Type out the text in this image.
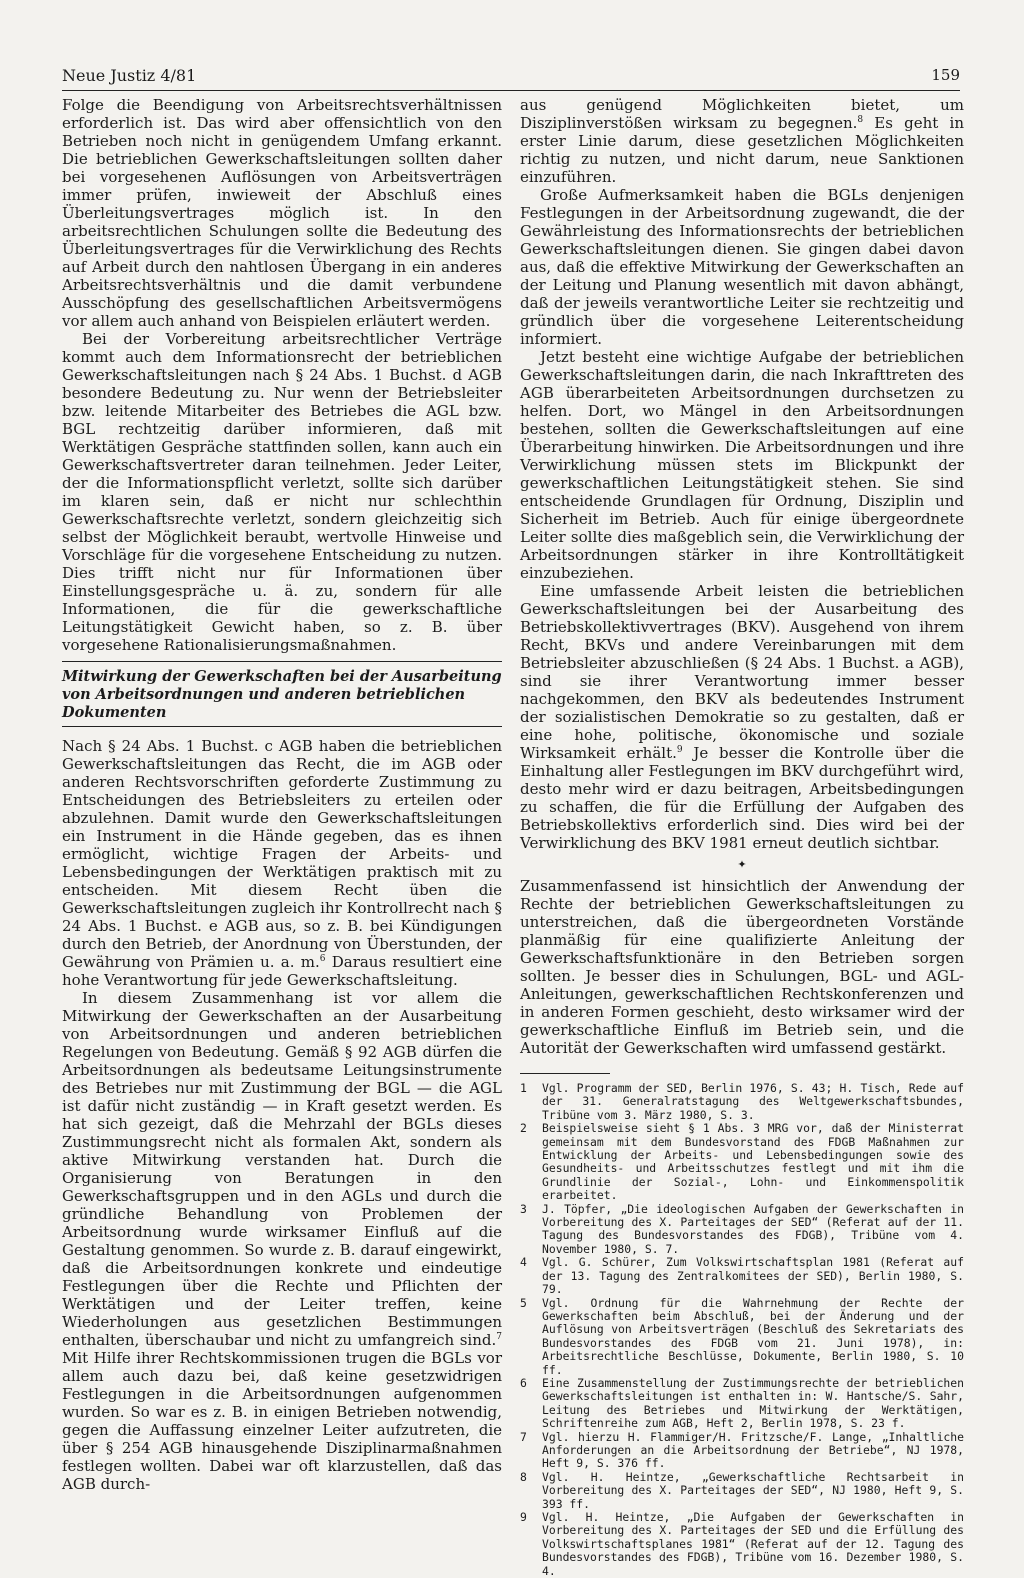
Neue Justiz 4/81	159

Folge die Beendigung von Arbeitsrechtsverhältnissen erforderlich ist. Das wird aber offensichtlich von den Betrieben noch nicht in genügendem Umfang erkannt. Die betrieblichen Gewerkschaftsleitungen sollten daher bei vorgesehenen Auflösungen von Arbeitsverträgen immer prüfen, inwieweit der Abschluß eines Überleitungsvertrages möglich ist. In den arbeitsrechtlichen Schulungen sollte die Bedeutung des Überleitungsvertrages für die Verwirklichung des Rechts auf Arbeit durch den nahtlosen Übergang in ein anderes Arbeitsrechtsverhältnis und die damit verbundene Ausschöpfung des gesellschaftlichen Arbeitsvermögens vor allem auch anhand von Beispielen erläutert werden.

Bei der Vorbereitung arbeitsrechtlicher Verträge kommt auch dem Informationsrecht der betrieblichen Gewerkschaftsleitungen nach § 24 Abs. 1 Buchst. d AGB besondere Bedeutung zu. Nur wenn der Betriebsleiter bzw. leitende Mitarbeiter des Betriebes die AGL bzw. BGL rechtzeitig darüber informieren, daß mit Werktätigen Gespräche stattfinden sollen, kann auch ein Gewerkschaftsvertreter daran teilnehmen. Jeder Leiter, der die Informationspflicht verletzt, sollte sich darüber im klaren sein, daß er nicht nur schlechthin Gewerkschaftsrechte verletzt, sondern gleichzeitig sich selbst der Möglichkeit beraubt, wertvolle Hinweise und Vorschläge für die vorgesehene Entscheidung zu nutzen. Dies trifft nicht nur für Informationen über Einstellungsgespräche u. ä. zu, sondern für alle Informationen, die für die gewerkschaftliche Leitungstätigkeit Gewicht haben, so z. B. über vorgesehene Rationalisierungsmaßnahmen.

Mitwirkung der Gewerkschaften bei der Ausarbeitung von Arbeitsordnungen und anderen betrieblichen Dokumenten

Nach § 24 Abs. 1 Buchst. c AGB haben die betrieblichen Gewerkschaftsleitungen das Recht, die im AGB oder anderen Rechtsvorschriften geforderte Zustimmung zu Entscheidungen des Betriebsleiters zu erteilen oder abzulehnen. Damit wurde den Gewerkschaftsleitungen ein Instrument in die Hände gegeben, das es ihnen ermöglicht, wichtige Fragen der Arbeits- und Lebensbedingungen der Werktätigen praktisch mit zu entscheiden. Mit diesem Recht üben die Gewerkschaftsleitungen zugleich ihr Kontrollrecht nach § 24 Abs. 1 Buchst. e AGB aus, so z. B. bei Kündigungen durch den Betrieb, der Anordnung von Überstunden, der Gewährung von Prämien u. a. m.$^6$ Daraus resultiert eine hohe Verantwortung für jede Gewerkschaftsleitung.

In diesem Zusammenhang ist vor allem die Mitwirkung der Gewerkschaften an der Ausarbeitung von Arbeitsordnungen und anderen betrieblichen Regelungen von Bedeutung. Gemäß § 92 AGB dürfen die Arbeitsordnungen als bedeutsame Leitungsinstrumente des Betriebes nur mit Zustimmung der BGL — die AGL ist dafür nicht zuständig — in Kraft gesetzt werden. Es hat sich gezeigt, daß die Mehrzahl der BGLs dieses Zustimmungsrecht nicht als formalen Akt, sondern als aktive Mitwirkung verstanden hat. Durch die Organisierung von Beratungen in den Gewerkschaftsgruppen und in den AGLs und durch die gründliche Behandlung von Problemen der Arbeitsordnung wurde wirksamer Einfluß auf die Gestaltung genommen. So wurde z. B. darauf eingewirkt, daß die Arbeitsordnungen konkrete und eindeutige Festlegungen über die Rechte und Pflichten der Werktätigen und der Leiter treffen, keine Wiederholungen aus gesetzlichen Bestimmungen enthalten, überschaubar und nicht zu umfangreich sind.$^7$ Mit Hilfe ihrer Rechtskommissionen trugen die BGLs vor allem auch dazu bei, daß keine gesetzwidrigen Festlegungen in die Arbeitsordnungen aufgenommen wurden. So war es z. B. in einigen Betrieben notwendig, gegen die Auffassung einzelner Leiter aufzutreten, die über § 254 AGB hinausgehende Disziplinarmaßnahmen festlegen wollten. Dabei war oft klarzustellen, daß das AGB durch-

aus genügend Möglichkeiten bietet, um Disziplinverstößen wirksam zu begegnen.$^8$ Es geht in erster Linie darum, diese gesetzlichen Möglichkeiten richtig zu nutzen, und nicht darum, neue Sanktionen einzuführen.

Große Aufmerksamkeit haben die BGLs denjenigen Festlegungen in der Arbeitsordnung zugewandt, die der Gewährleistung des Informationsrechts der betrieblichen Gewerkschaftsleitungen dienen. Sie gingen dabei davon aus, daß die effektive Mitwirkung der Gewerkschaften an der Leitung und Planung wesentlich mit davon abhängt, daß der jeweils verantwortliche Leiter sie rechtzeitig und gründlich über die vorgesehene Leiterentscheidung informiert.

Jetzt besteht eine wichtige Aufgabe der betrieblichen Gewerkschaftsleitungen darin, die nach Inkrafttreten des AGB überarbeiteten Arbeitsordnungen durchsetzen zu helfen. Dort, wo Mängel in den Arbeitsordnungen bestehen, sollten die Gewerkschaftsleitungen auf eine Überarbeitung hinwirken. Die Arbeitsordnungen und ihre Verwirklichung müssen stets im Blickpunkt der gewerkschaftlichen Leitungstätigkeit stehen. Sie sind entscheidende Grundlagen für Ordnung, Disziplin und Sicherheit im Betrieb. Auch für einige übergeordnete Leiter sollte dies maßgeblich sein, die Verwirklichung der Arbeitsordnungen stärker in ihre Kontrolltätigkeit einzubeziehen.

Eine umfassende Arbeit leisten die betrieblichen Gewerkschaftsleitungen bei der Ausarbeitung des Betriebskollektivvertrages (BKV). Ausgehend von ihrem Recht, BKVs und andere Vereinbarungen mit dem Betriebsleiter abzuschließen (§ 24 Abs. 1 Buchst. a AGB), sind sie ihrer Verantwortung immer besser nachgekommen, den BKV als bedeutendes Instrument der sozialistischen Demokratie so zu gestalten, daß er eine hohe, politische, ökonomische und soziale Wirksamkeit erhält.$^9$ Je besser die Kontrolle über die Einhaltung aller Festlegungen im BKV durchgeführt wird, desto mehr wird er dazu beitragen, Arbeitsbedingungen zu schaffen, die für die Erfüllung der Aufgaben des Betriebskollektivs erforderlich sind. Dies wird bei der Verwirklichung des BKV 1981 erneut deutlich sichtbar.

✦

Zusammenfassend ist hinsichtlich der Anwendung der Rechte der betrieblichen Gewerkschaftsleitungen zu unterstreichen, daß die übergeordneten Vorstände planmäßig für eine qualifizierte Anleitung der Gewerkschaftsfunktionäre in den Betrieben sorgen sollten. Je besser dies in Schulungen, BGL- und AGL-Anleitungen, gewerkschaftlichen Rechtskonferenzen und in anderen Formen geschieht, desto wirksamer wird der gewerkschaftliche Einfluß im Betrieb sein, und die Autorität der Gewerkschaften wird umfassend gestärkt.

1	Vgl. Programm der SED, Berlin 1976, S. 43; H. Tisch, Rede auf der 31. Generalratstagung des Weltgewerkschaftsbundes, Tribüne vom 3. März 1980, S. 3.
2	Beispielsweise sieht § 1 Abs. 3 MRG vor, daß der Ministerrat gemeinsam mit dem Bundesvorstand des FDGB Maßnahmen zur Entwicklung der Arbeits- und Lebensbedingungen sowie des Gesundheits- und Arbeitsschutzes festlegt und mit ihm die Grundlinie der Sozial-, Lohn- und Einkommenspolitik erarbeitet.
3	J. Töpfer, „Die ideologischen Aufgaben der Gewerkschaften in Vorbereitung des X. Parteitages der SED“ (Referat auf der 11. Tagung des Bundesvorstandes des FDGB), Tribüne vom 4. November 1980, S. 7.
4	Vgl. G. Schürer, Zum Volkswirtschaftsplan 1981 (Referat auf der 13. Tagung des Zentralkomitees der SED), Berlin 1980, S. 79.
5	Vgl. Ordnung für die Wahrnehmung der Rechte der Gewerkschaften beim Abschluß, bei der Änderung und der Auflösung von Arbeitsverträgen (Beschluß des Sekretariats des Bundesvorstandes des FDGB vom 21. Juni 1978), in: Arbeitsrechtliche Beschlüsse, Dokumente, Berlin 1980, S. 10 ff.
6	Eine Zusammenstellung der Zustimmungsrechte der betrieblichen Gewerkschaftsleitungen ist enthalten in: W. Hantsche/S. Sahr, Leitung des Betriebes und Mitwirkung der Werktätigen, Schriftenreihe zum AGB, Heft 2, Berlin 1978, S. 23 f.
7	Vgl. hierzu H. Flammiger/H. Fritzsche/F. Lange, „Inhaltliche Anforderungen an die Arbeitsordnung der Betriebe“, NJ 1978, Heft 9, S. 376 ff.
8	Vgl. H. Heintze, „Gewerkschaftliche Rechtsarbeit in Vorbereitung des X. Parteitages der SED“, NJ 1980, Heft 9, S. 393 ff.
9	Vgl. H. Heintze, „Die Aufgaben der Gewerkschaften in Vorbereitung des X. Parteitages der SED und die Erfüllung des Volkswirtschaftsplanes 1981“ (Referat auf der 12. Tagung des Bundesvorstandes des FDGB), Tribüne vom 16. Dezember 1980, S. 4.
